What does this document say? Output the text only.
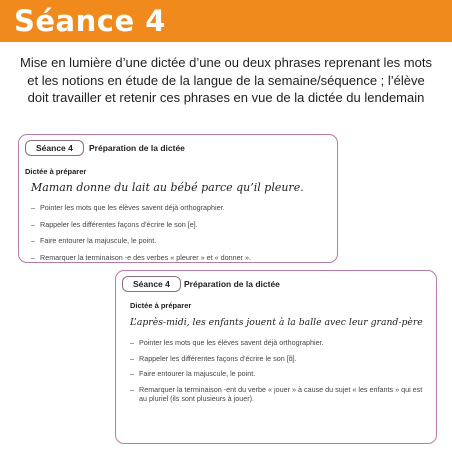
Séance 4
Mise en lumière d’une dictée d’une ou deux phrases reprenant les mots et les notions en étude de la langue de la semaine/séquence ; l’élève doit travailler et retenir ces phrases en vue de la dictée du lendemain
Séance 4	Préparation de la dictée
Dictée à préparer
Maman donne du lait au bébé parce qu’il pleure.
– Pointer les mots que les élèves savent déjà orthographier.
– Rappeler les différentes façons d’écrire le son [e].
– Faire entourer la majuscule, le point.
– Remarquer la terminaison -e des verbes « pleurer » et « donner ».
Séance 4	Préparation de la dictée
Dictée à préparer
L’après-midi, les enfants jouent à la balle avec leur grand-père
– Pointer les mots que les élèves savent déjà orthographier.
– Rappeler les différentes façons d’écrire le son [ɑ̃].
– Faire entourer la majuscule, le point.
– Remarquer la terminaison -ent du verbe « jouer » à cause du sujet « les enfants » qui est au pluriel (ils sont plusieurs à jouer).
